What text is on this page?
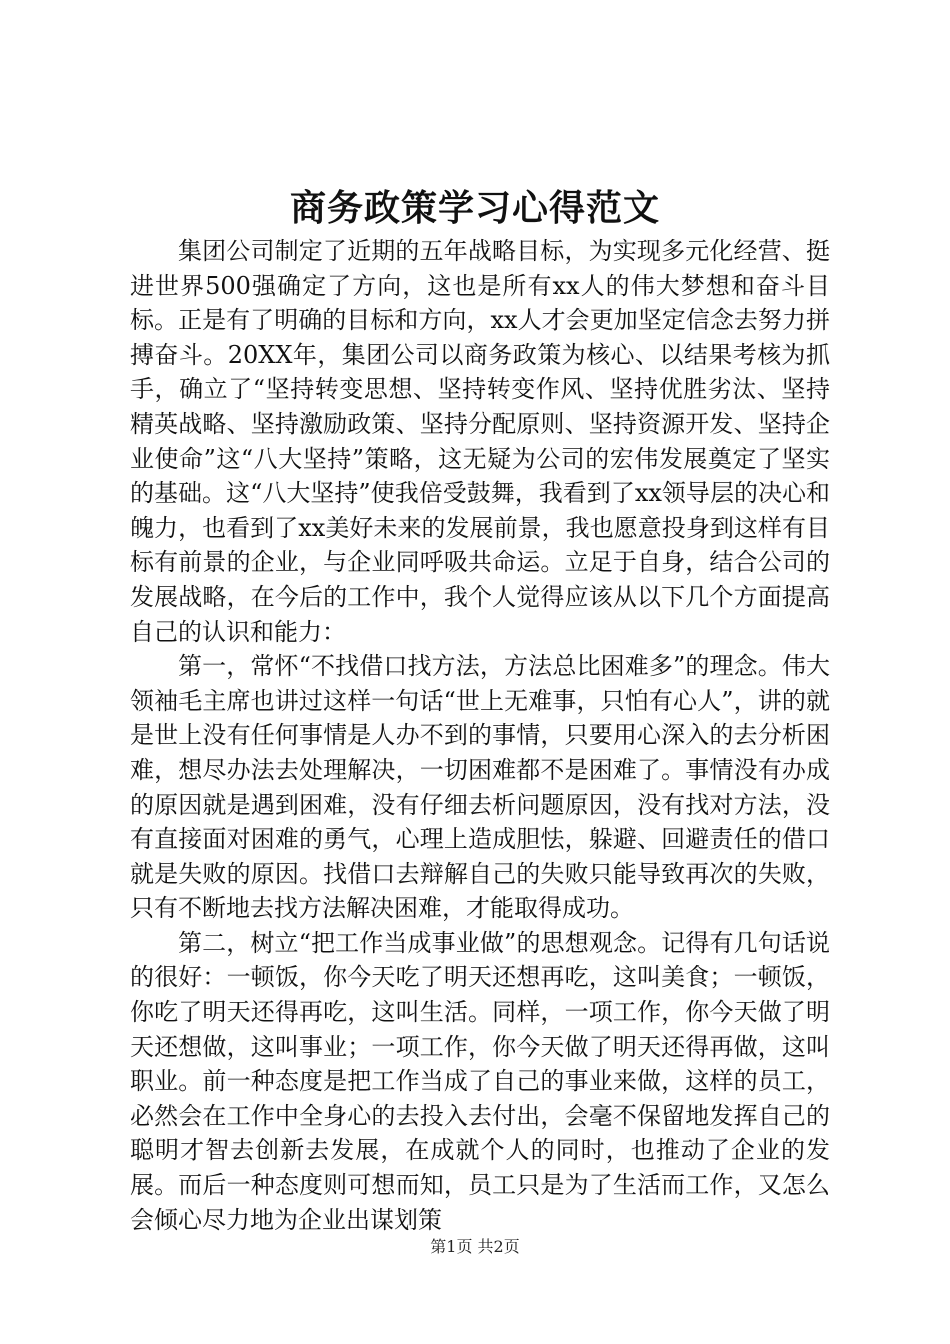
商务政策学习心得范文

集团公司制定了近期的五年战略目标，为实现多元化经营、挺进世界500强确定了方向，这也是所有xx人的伟大梦想和奋斗目标。正是有了明确的目标和方向，xx人才会更加坚定信念去努力拼搏奋斗。20XX年，集团公司以商务政策为核心、以结果考核为抓手，确立了“坚持转变思想、坚持转变作风、坚持优胜劣汰、坚持精英战略、坚持激励政策、坚持分配原则、坚持资源开发、坚持企业使命”这“八大坚持”策略，这无疑为公司的宏伟发展奠定了坚实的基础。这“八大坚持”使我倍受鼓舞，我看到了xx领导层的决心和魄力，也看到了xx美好未来的发展前景，我也愿意投身到这样有目标有前景的企业，与企业同呼吸共命运。立足于自身，结合公司的发展战略，在今后的工作中，我个人觉得应该从以下几个方面提高自己的认识和能力：

第一，常怀“不找借口找方法，方法总比困难多”的理念。伟大领袖毛主席也讲过这样一句话“世上无难事，只怕有心人”，讲的就是世上没有任何事情是人办不到的事情，只要用心深入的去分析困难，想尽办法去处理解决，一切困难都不是困难了。事情没有办成的原因就是遇到困难，没有仔细去析问题原因，没有找对方法，没有直接面对困难的勇气，心理上造成胆怯，躲避、回避责任的借口就是失败的原因。找借口去辩解自己的失败只能导致再次的失败，只有不断地去找方法解决困难，才能取得成功。

第二，树立“把工作当成事业做”的思想观念。记得有几句话说的很好：一顿饭，你今天吃了明天还想再吃，这叫美食；一顿饭，你吃了明天还得再吃，这叫生活。同样，一项工作，你今天做了明天还想做，这叫事业；一项工作，你今天做了明天还得再做，这叫职业。前一种态度是把工作当成了自己的事业来做，这样的员工，必然会在工作中全身心的去投入去付出，会毫不保留地发挥自己的聪明才智去创新去发展，在成就个人的同时，也推动了企业的发展。而后一种态度则可想而知，员工只是为了生活而工作，又怎么会倾心尽力地为企业出谋划策

第1页 共2页
